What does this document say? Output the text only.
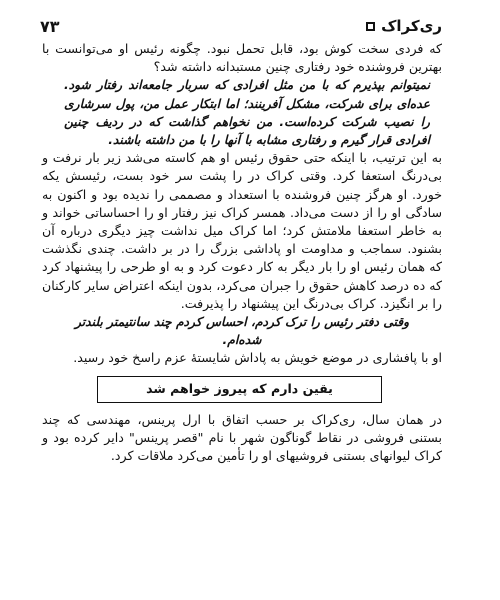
ری‌کراک
۷۳

که فردی سخت کوش بود، قابل تحمل نبود. چگونه رئیس او می‌توانست با بهترین فروشنده خود رفتاری چنین مستبدانه داشته شد؟

نمیتوانم بپذیرم که با من مثل افرادی که سربار جامعه‌اند رفتار شود. عده‌ای برای شرکت، مشکل آفرینند؛ اما ابتکار عمل من، پول سرشاری را نصیب شرکت کرده‌است. من نخواهم گذاشت که در ردیف چنین افرادی قرار گیرم و رفتاری مشابه با آنها را با من داشته باشند.

به این ترتیب، با اینکه حتی حقوق رئیس او هم کاسته می‌شد زیر بار نرفت و بی‌درنگ استعفا کرد. وقتی کراک در را پشت سر خود بست، رئیسش یکه خورد. او هرگز چنین فروشنده با استعداد و مصممی را ندیده بود و اکنون به سادگی او را از دست می‌داد. همسر کراک نیز رفتار او را احساساتی خواند و به خاطر استعفا ملامتش کرد؛ اما کراک میل نداشت چیز دیگری درباره آن بشنود. سماجب و مداومت او پاداشی بزرگ را در بر داشت. چندی نگذشت که همان رئیس او را بار دیگر به کار دعوت کرد و به او طرحی را پیشنهاد کرد که ده درصد کاهش حقوق را جبران می‌کرد، بدون اینکه اعتراض سایر کارکنان را بر انگیزد. کراک بی‌درنگ این پیشنهاد را پذیرفت.

وقتی دفتر رئیس را ترک کردم، احساس کردم چند سانتیمتر بلندتر شده‌ام.

او با پافشاری در موضع خویش به پاداش شایستهٔ عزم راسخ خود رسید.

یقین دارم که پیروز خواهم شد

در همان سال، ری‌کراک بر حسب اتفاق با ارل پرینس، مهندسی که چند بستنی فروشی در نقاط گوناگون شهر با نام "قصر پرینس" دایر کرده بود و کراک لیوانهای بستنی فروشیهای او را تأمین می‌کرد ملاقات کرد.
